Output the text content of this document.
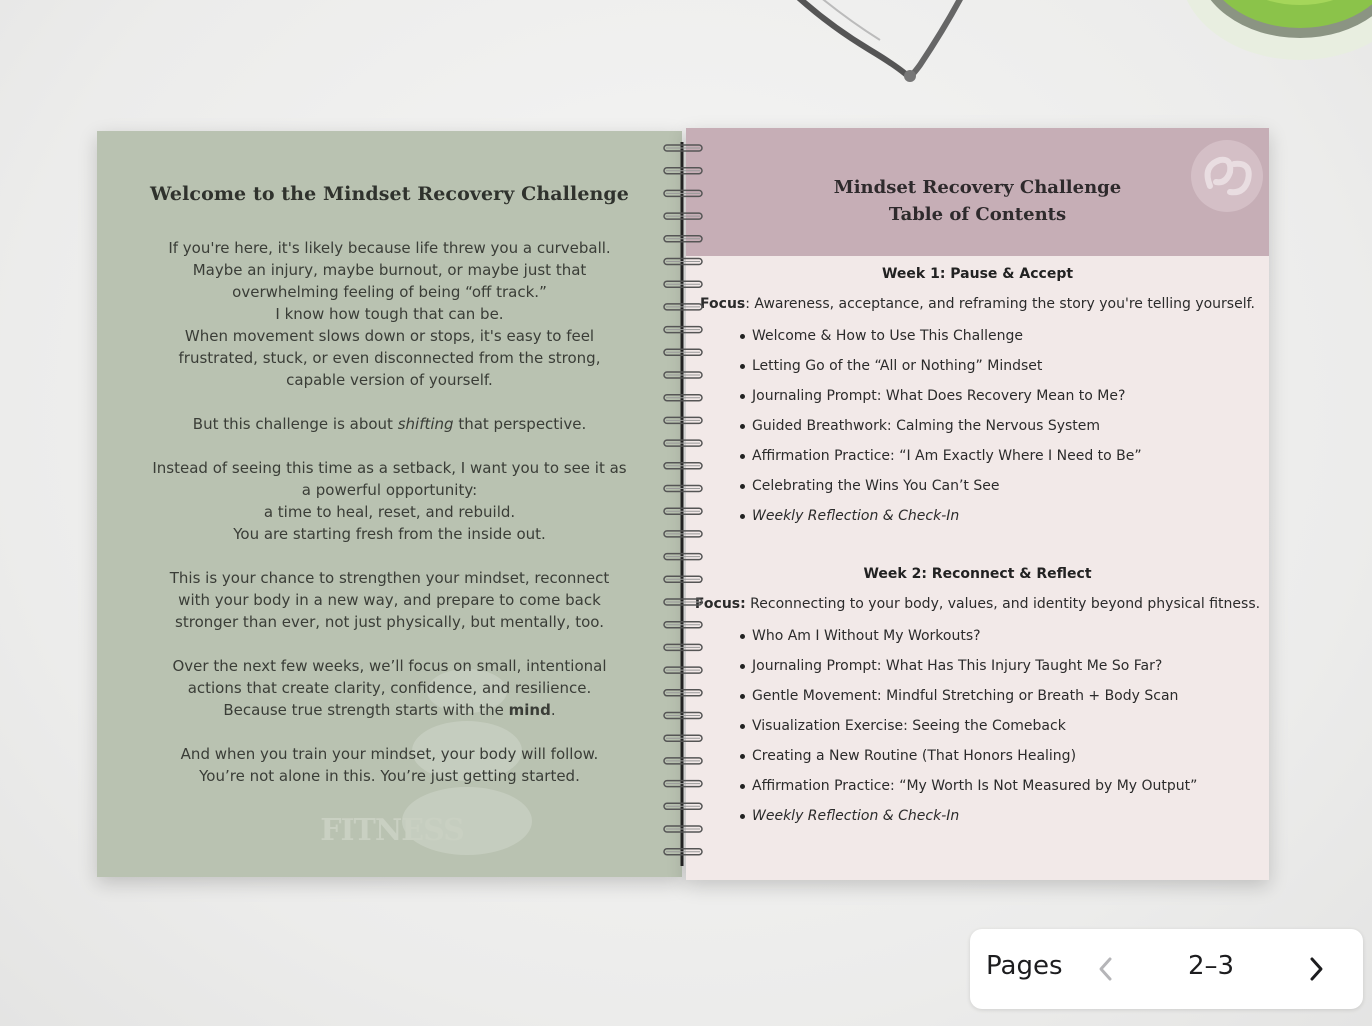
Welcome to the Mindset Recovery Challenge

If you're here, it's likely because life threw you a curveball.
Maybe an injury, maybe burnout, or maybe just that
overwhelming feeling of being “off track.”
I know how tough that can be.
When movement slows down or stops, it's easy to feel
frustrated, stuck, or even disconnected from the strong,
capable version of yourself.

But this challenge is about shifting that perspective.

Instead of seeing this time as a setback, I want you to see it as
a powerful opportunity:
a time to heal, reset, and rebuild.
You are starting fresh from the inside out.

This is your chance to strengthen your mindset, reconnect
with your body in a new way, and prepare to come back
stronger than ever, not just physically, but mentally, too.

Over the next few weeks, we’ll focus on small, intentional
actions that create clarity, confidence, and resilience.
Because true strength starts with the mind.

And when you train your mindset, your body will follow.
You’re not alone in this. You’re just getting started.

FITNESS
Mindset Recovery Challenge
Table of Contents
Week 1: Pause & Accept

Focus: Awareness, acceptance, and reframing the story you're telling yourself.

Welcome & How to Use This Challenge
Letting Go of the “All or Nothing” Mindset
Journaling Prompt: What Does Recovery Mean to Me?
Guided Breathwork: Calming the Nervous System
Affirmation Practice: “I Am Exactly Where I Need to Be”
Celebrating the Wins You Can’t See
Weekly Reflection & Check-In
Week 2: Reconnect & Reflect

Focus: Reconnecting to your body, values, and identity beyond physical fitness.

Who Am I Without My Workouts?
Journaling Prompt: What Has This Injury Taught Me So Far?
Gentle Movement: Mindful Stretching or Breath + Body Scan
Visualization Exercise: Seeing the Comeback
Creating a New Routine (That Honors Healing)
Affirmation Practice: “My Worth Is Not Measured by My Output”
Weekly Reflection & Check-In
Pages	2–3
